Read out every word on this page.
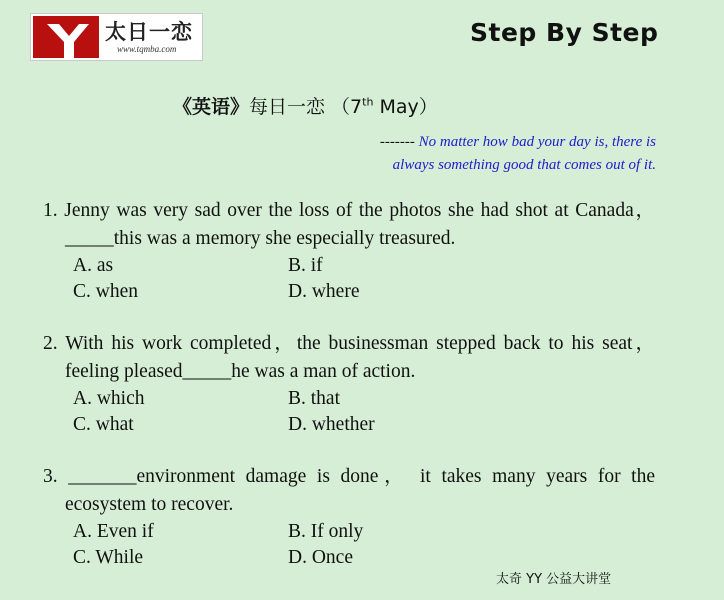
太日一恋
www.tqmba.com
Step By Step
《英语》每日一恋 （7th May）
------- No matter how bad your day is, there is
always something good that comes out of it.
1. Jenny was very sad over the loss of the photos she had shot at Canada，_____this was a memory she especially treasured.
A. as	B. if
C. when	D. where
2. With his work completed，the businessman stepped back to his seat，feeling pleased_____he was a man of action.
A. which	B. that
C. what	D. whether
3. _______environment damage is done， it takes many years for the ecosystem to recover.
A. Even if	B. If only
C. While	D. Once
太奇 YY 公益大讲堂
